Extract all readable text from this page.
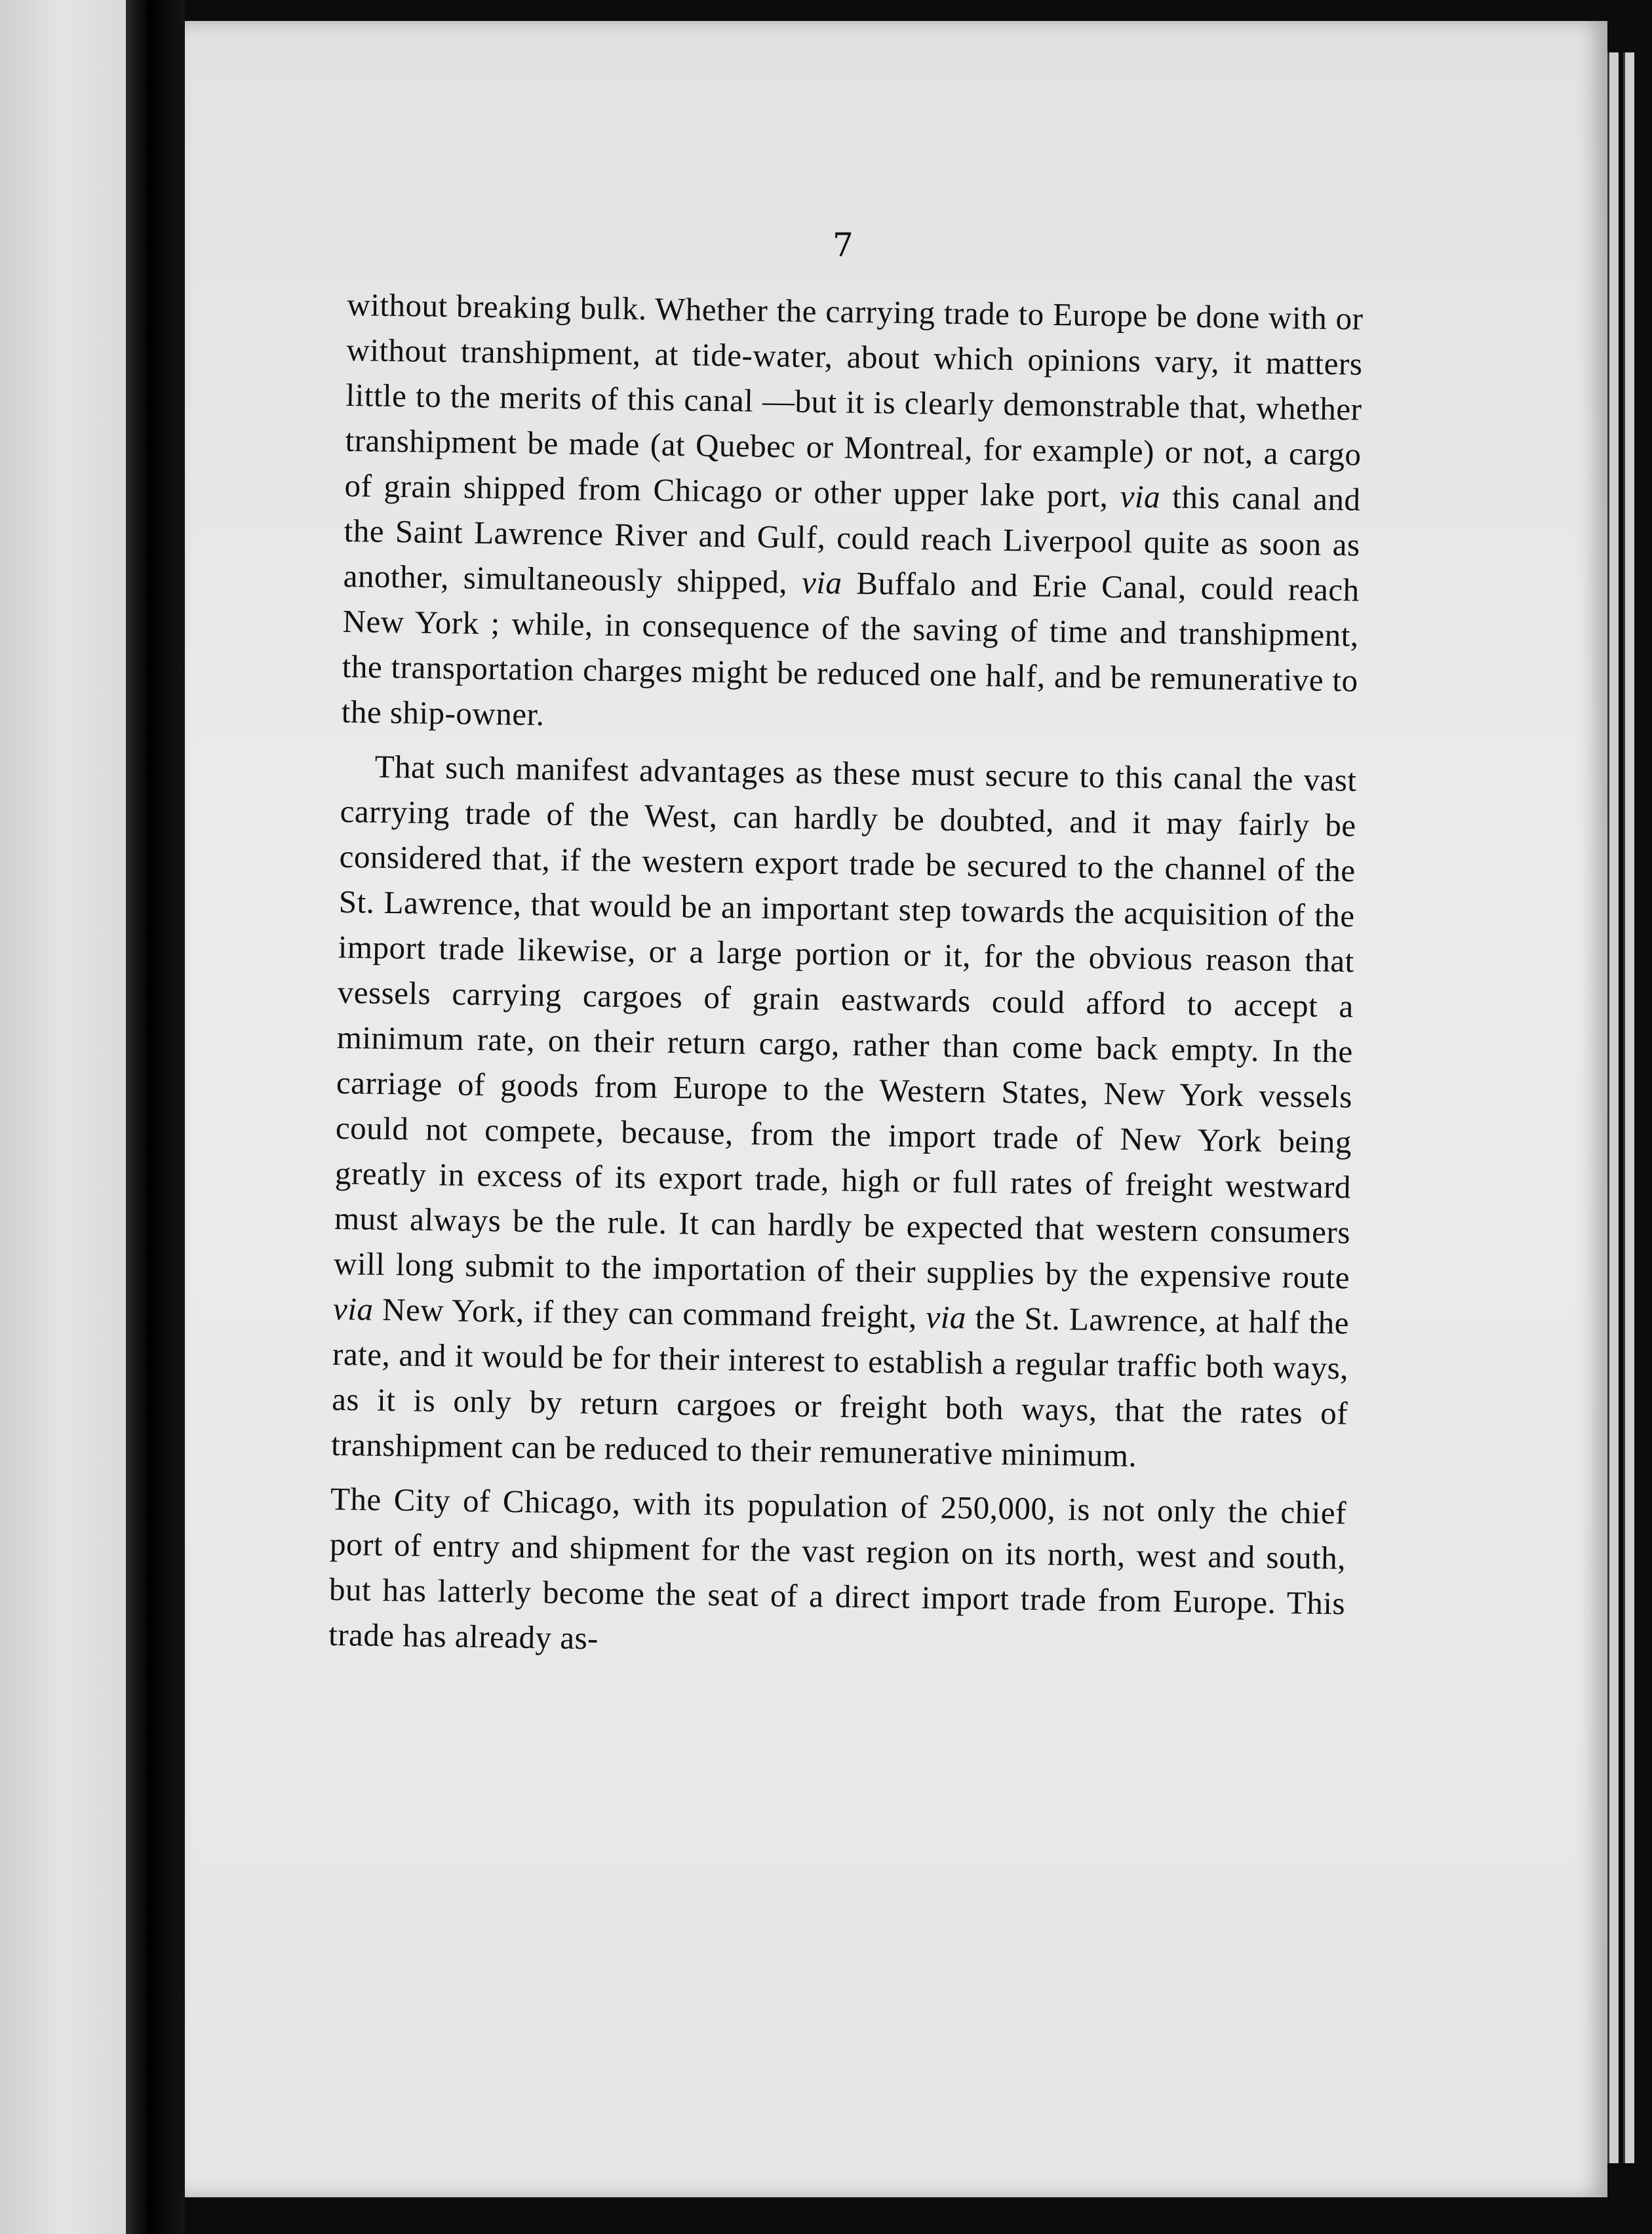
7

without breaking bulk. Whether the carrying trade to Europe be done with or without transhipment, at tide-water, about which opinions vary, it matters little to the merits of this canal —but it is clearly demonstrable that, whether transhipment be made (at Quebec or Montreal, for example) or not, a cargo of grain shipped from Chicago or other upper lake port, via this canal and the Saint Lawrence River and Gulf, could reach Liverpool quite as soon as another, simultaneously shipped, via Buffalo and Erie Canal, could reach New York ; while, in consequence of the saving of time and transhipment, the transportation charges might be reduced one half, and be remunerative to the ship-owner.

That such manifest advantages as these must secure to this canal the vast carrying trade of the West, can hardly be doubted, and it may fairly be considered that, if the western export trade be secured to the channel of the St. Lawrence, that would be an important step towards the acquisition of the import trade likewise, or a large portion or it, for the obvious reason that vessels carrying cargoes of grain eastwards could afford to accept a minimum rate, on their return cargo, rather than come back empty. In the carriage of goods from Europe to the Western States, New York vessels could not compete, because, from the import trade of New York being greatly in excess of its export trade, high or full rates of freight westward must always be the rule. It can hardly be expected that western consumers will long submit to the importation of their supplies by the expensive route via New York, if they can command freight, via the St. Lawrence, at half the rate, and it would be for their interest to establish a regular traffic both ways, as it is only by return cargoes or freight both ways, that the rates of transhipment can be reduced to their remunerative minimum.

The City of Chicago, with its population of 250,000, is not only the chief port of entry and shipment for the vast region on its north, west and south, but has latterly become the seat of a direct import trade from Europe. This trade has already as-
